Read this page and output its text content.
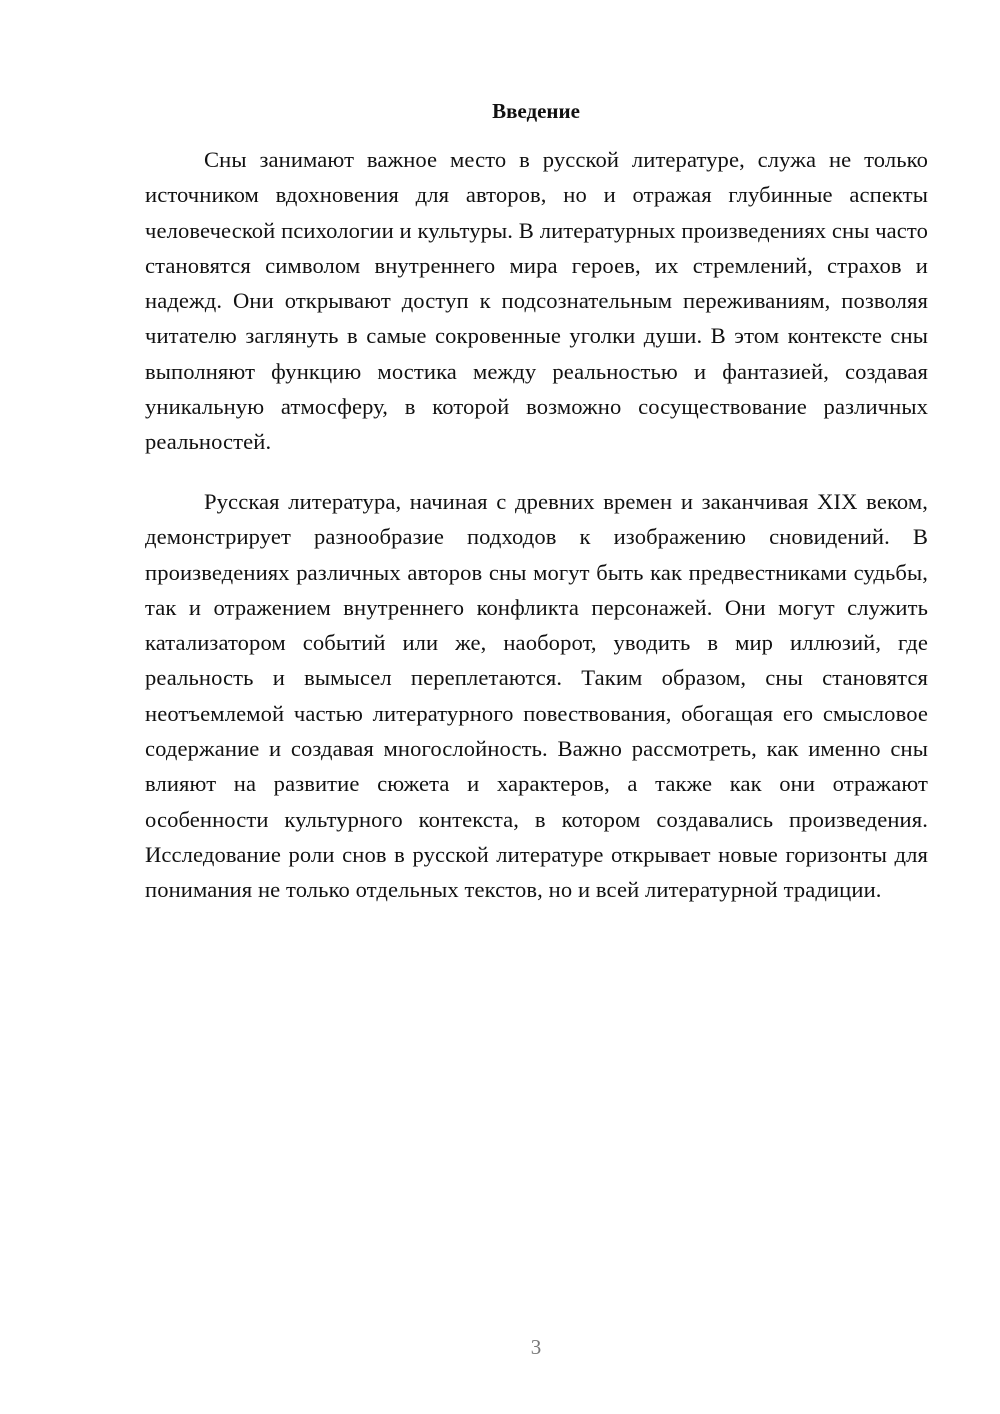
Введение

Сны занимают важное место в русской литературе, служа не только источником вдохновения для авторов, но и отражая глубинные аспекты человеческой психологии и культуры. В литературных произведениях сны часто становятся символом внутреннего мира героев, их стремлений, страхов и надежд. Они открывают доступ к подсознательным переживаниям, позволяя читателю заглянуть в самые сокровенные уголки души. В этом контексте сны выполняют функцию мостика между реальностью и фантазией, создавая уникальную атмосферу, в которой возможно сосуществование различных реальностей.

Русская литература, начиная с древних времен и заканчивая XIX веком, демонстрирует разнообразие подходов к изображению сновидений. В произведениях различных авторов сны могут быть как предвестниками судьбы, так и отражением внутреннего конфликта персонажей. Они могут служить катализатором событий или же, наоборот, уводить в мир иллюзий, где реальность и вымысел переплетаются. Таким образом, сны становятся неотъемлемой частью литературного повествования, обогащая его смысловое содержание и создавая многослойность. Важно рассмотреть, как именно сны влияют на развитие сюжета и характеров, а также как они отражают особенности культурного контекста, в котором создавались произведения. Исследование роли снов в русской литературе открывает новые горизонты для понимания не только отдельных текстов, но и всей литературной традиции.

3
